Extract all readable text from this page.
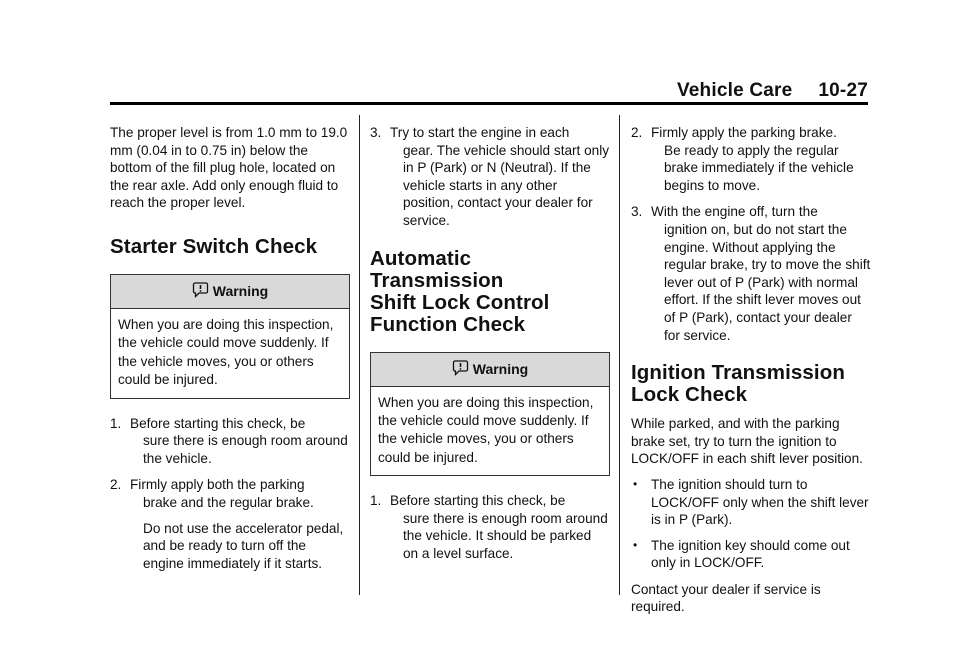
Vehicle Care 10-27

The proper level is from 1.0 mm to 19.0 mm (0.04 in to 0.75 in) below the bottom of the fill plug hole, located on the rear axle. Add only enough fluid to reach the proper level.

Starter Switch Check
Warning
When you are doing this inspection, the vehicle could move suddenly. If the vehicle moves, you or others could be injured.
1. Before starting this check, be
sure there is enough room around the vehicle.
2. Firmly apply both the parking
brake and the regular brake.

Do not use the accelerator pedal, and be ready to turn off the engine immediately if it starts.

3. Try to start the engine in each
gear. The vehicle should start only in P (Park) or N (Neutral). If the vehicle starts in any other position, contact your dealer for service.
Automatic Transmission
Shift Lock Control
Function Check
Warning
When you are doing this inspection, the vehicle could move suddenly. If the vehicle moves, you or others could be injured.
1. Before starting this check, be
sure there is enough room around the vehicle. It should be parked on a level surface.
2. Firmly apply the parking brake.
Be ready to apply the regular brake immediately if the vehicle begins to move.
3. With the engine off, turn the
ignition on, but do not start the engine. Without applying the regular brake, try to move the shift lever out of P (Park) with normal effort. If the shift lever moves out of P (Park), contact your dealer for service.
Ignition Transmission
Lock Check

While parked, and with the parking brake set, try to turn the ignition to LOCK/OFF in each shift lever position.

• The ignition should turn to LOCK/OFF only when the shift lever is in P (Park).
• The ignition key should come out only in LOCK/OFF.

Contact your dealer if service is required.
